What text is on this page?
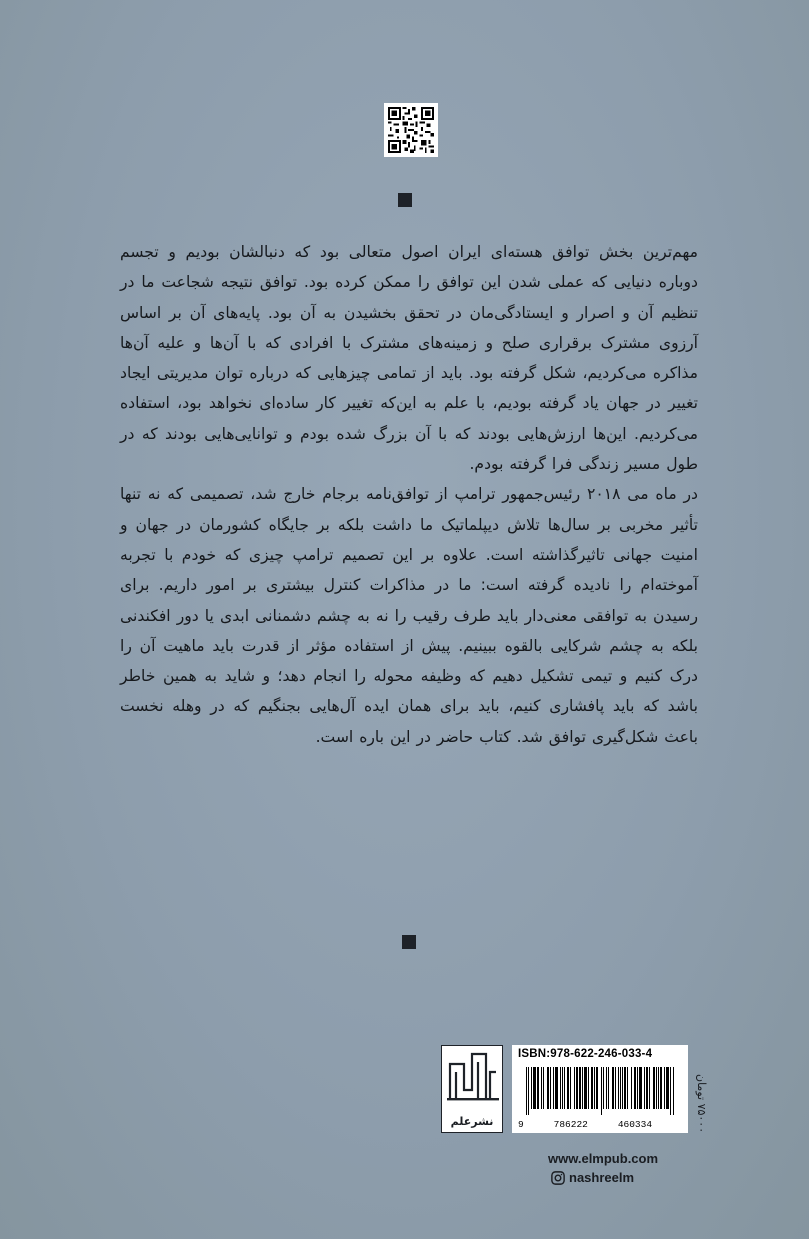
مهم‌ترین بخش توافق هسته‌ای ایران اصول متعالی بود که دنبالشان بودیم و تجسم دوباره دنیایی که عملی شدن این توافق را ممکن کرده بود. توافق نتیجه شجاعت ما در تنظیم آن و اصرار و ایستادگی‌مان در تحقق بخشیدن به آن بود. پایه‌های آن بر اساس آرزوی مشترک برقراری صلح و زمینه‌های مشترک با افرادی که با آن‌ها و علیه آن‌ها مذاکره می‌کردیم، شکل گرفته بود. باید از تمامی چیزهایی که درباره توان مدیریتی ایجاد تغییر در جهان یاد گرفته بودیم، با علم به این‌که تغییر کار ساده‌ای نخواهد بود، استفاده می‌کردیم. این‌ها ارزش‌هایی بودند که با آن بزرگ شده بودم و توانایی‌هایی بودند که در طول مسیر زندگی فرا گرفته بودم.

در ماه می ۲۰۱۸ رئیس‌جمهور ترامپ از توافق‌نامه برجام خارج شد، تصمیمی که نه تنها تأثیر مخربی بر سال‌ها تلاش دیپلماتیک ما داشت بلکه بر جایگاه کشورمان در جهان و امنیت جهانی تاثیرگذاشته است. علاوه بر این تصمیم ترامپ چیزی که خودم با تجربه آموخته‌ام را نادیده گرفته است: ما در مذاکرات کنترل بیشتری بر امور داریم. برای رسیدن به توافقی معنی‌دار باید طرف رقیب را نه به چشم دشمنانی ابدی یا دور افکندنی بلکه به چشم شرکایی بالقوه ببینیم. پیش از استفاده مؤثر از قدرت باید ماهیت آن را درک کنیم و تیمی تشکیل دهیم که وظیفه محوله را انجام دهد؛ و شاید به همین خاطر باشد که باید پافشاری کنیم، باید برای همان ایده آل‌هایی بجنگیم که در وهله نخست باعث شکل‌گیری توافق شد. کتاب حاضر در این باره است.

نشرعلم
ISBN:978-622-246-033-4
9	786222	460334
۷۵۰۰۰ تومان
www.elmpub.com
nashreelm
